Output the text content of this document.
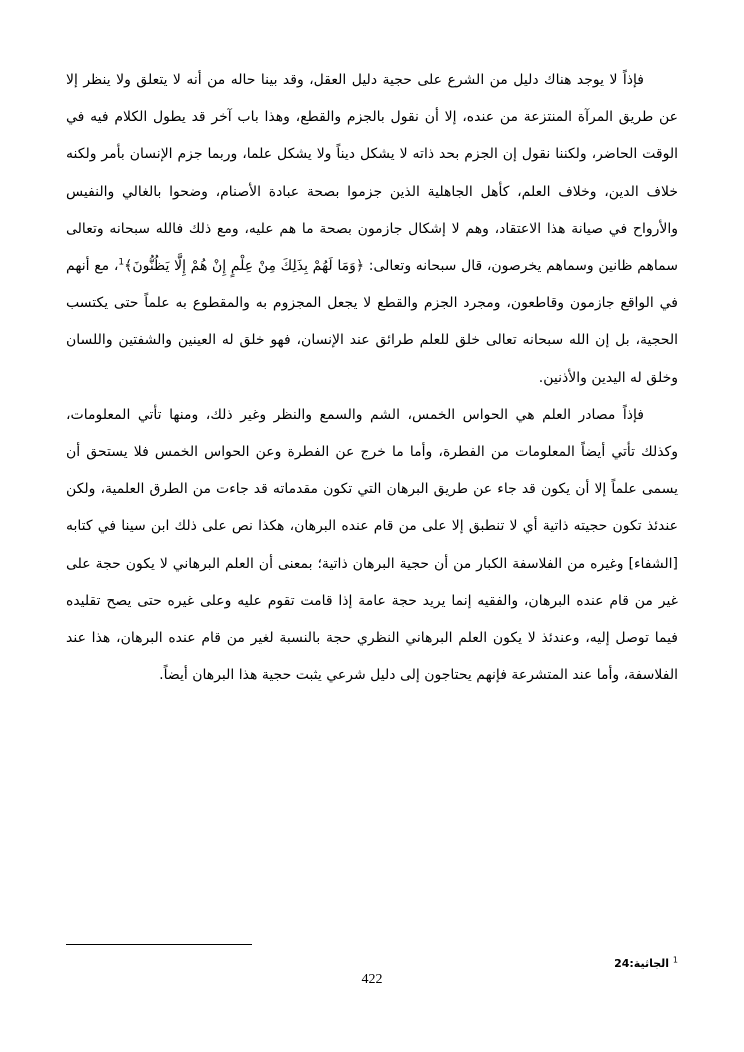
فإذاً لا يوجد هناك دليل من الشرع على حجية دليل العقل، وقد بينا حاله من أنه لا يتعلق ولا ينظر إلا عن طريق المرآة المنتزعة من عنده، إلا أن نقول بالجزم والقطع، وهذا باب آخر قد يطول الكلام فيه في الوقت الحاضر، ولكننا نقول إن الجزم بحد ذاته لا يشكل ديناً ولا يشكل علما، وربما جزم الإنسان بأمر ولكنه خلاف الدين، وخلاف العلم، كأهل الجاهلية الذين جزموا بصحة عبادة الأصنام، وضحوا بالغالي والنفيس والأرواح في صيانة هذا الاعتقاد، وهم لا إشكال جازمون بصحة ما هم عليه، ومع ذلك فالله سبحانه وتعالى سماهم ظانين وسماهم يخرصون، قال سبحانه وتعالى: ﴿وَمَا لَهُمْ بِذَلِكَ مِنْ عِلْمٍ إِنْ هُمْ إِلَّا يَظُنُّونَ﴾$^1$، مع أنهم في الواقع جازمون وقاطعون، ومجرد الجزم والقطع لا يجعل المجزوم به والمقطوع به علماً حتى يكتسب الحجية، بل إن الله سبحانه تعالى خلق للعلم طرائق عند الإنسان، فهو خلق له العينين والشفتين واللسان وخلق له اليدين والأذنين.

فإذاً مصادر العلم هي الحواس الخمس، الشم والسمع والنظر وغير ذلك، ومنها تأتي المعلومات، وكذلك تأتي أيضاً المعلومات من الفطرة، وأما ما خرج عن الفطرة وعن الحواس الخمس فلا يستحق أن يسمى علماً إلا أن يكون قد جاء عن طريق البرهان التي تكون مقدماته قد جاءت من الطرق العلمية، ولكن عندئذ تكون حجيته ذاتية أي لا تنطبق إلا على من قام عنده البرهان، هكذا نص على ذلك ابن سينا في كتابه [الشفاء] وغيره من الفلاسفة الكبار من أن حجية البرهان ذاتية؛ بمعنى أن العلم البرهاني لا يكون حجة على غير من قام عنده البرهان، والفقيه إنما يريد حجة عامة إذا قامت تقوم عليه وعلى غيره حتى يصح تقليده فيما توصل إليه، وعندئذ لا يكون العلم البرهاني النظري حجة بالنسبة لغير من قام عنده البرهان، هذا عند الفلاسفة، وأما عند المتشرعة فإنهم يحتاجون إلى دليل شرعي يثبت حجية هذا البرهان أيضاً.

$^1$ الجاثية:24
422
